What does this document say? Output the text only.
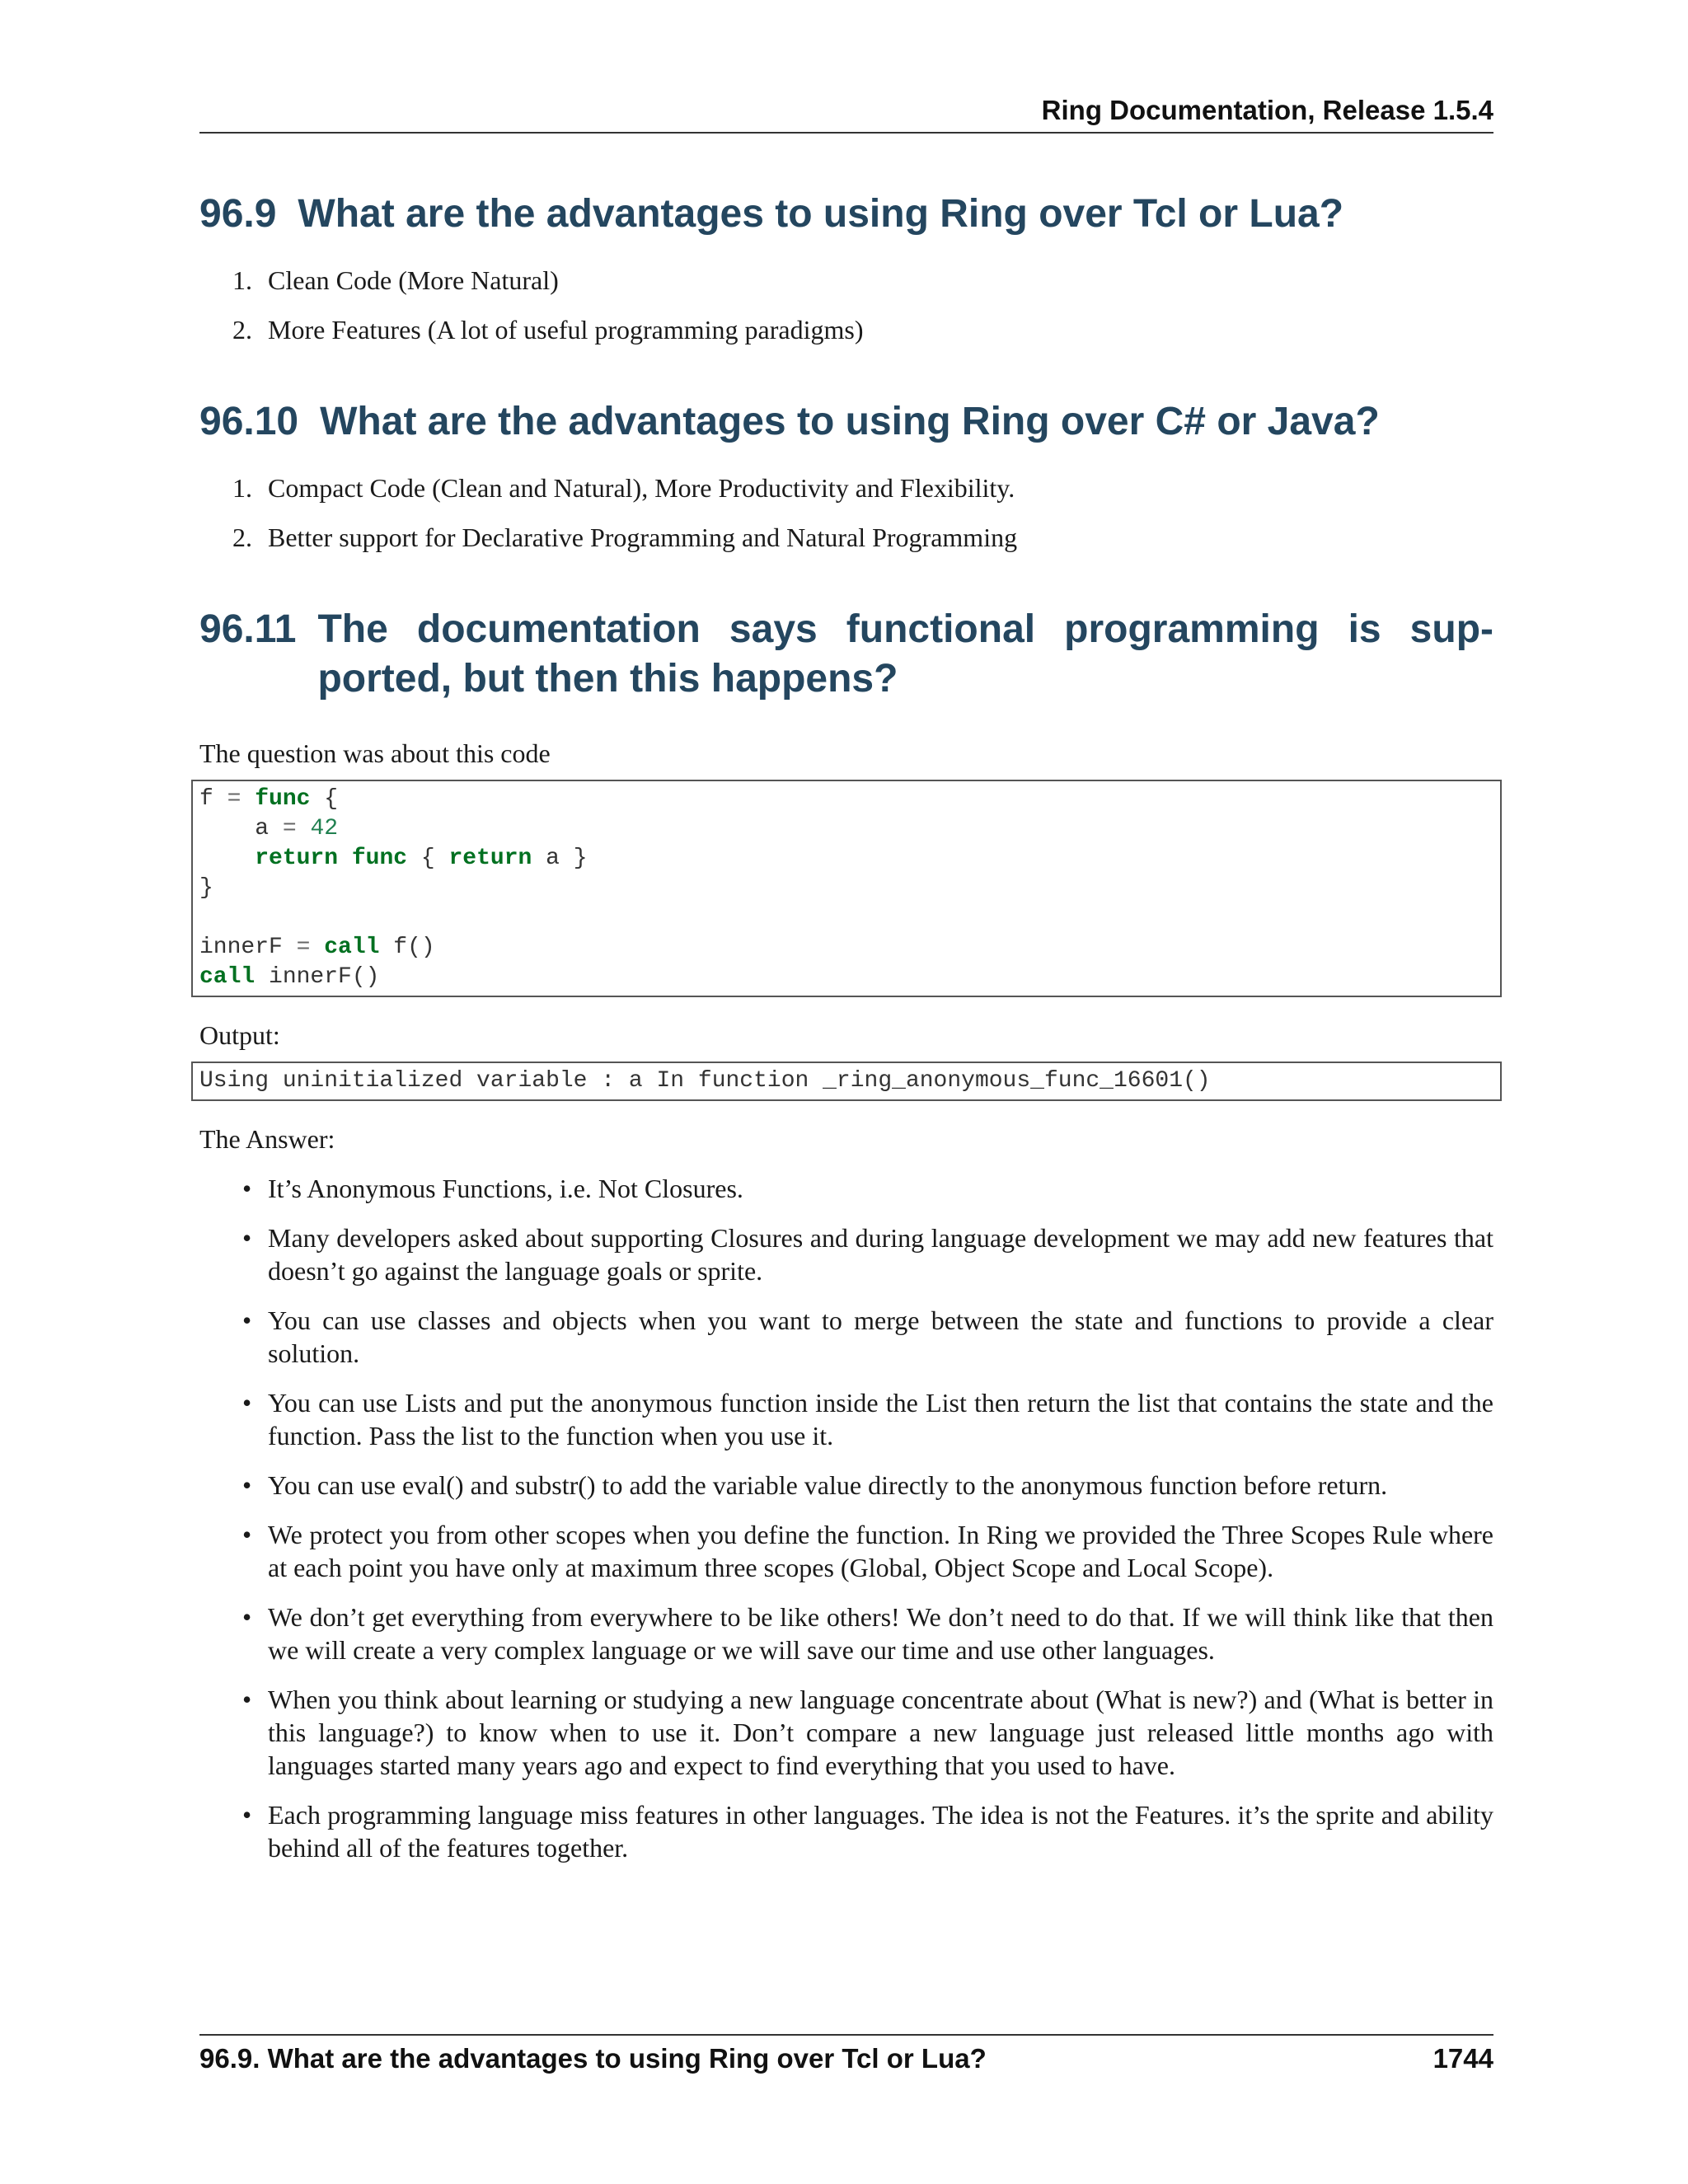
Ring Documentation, Release 1.5.4
96.9 What are the advantages to using Ring over Tcl or Lua?
1. Clean Code (More Natural)
2. More Features (A lot of useful programming paradigms)
96.10 What are the advantages to using Ring over C# or Java?
1. Compact Code (Clean and Natural), More Productivity and Flexibility.
2. Better support for Declarative Programming and Natural Programming
96.11 The documentation says functional programming is sup-
ported, but then this happens?

The question was about this code

f = func {
a = 42
return func { return a }
}
innerF = call f()
call innerF()

Output:

Using uninitialized variable : a In function _ring_anonymous_func_16601()

The Answer:

• It’s Anonymous Functions, i.e. Not Closures.
• Many developers asked about supporting Closures and during language development we may add new features that doesn’t go against the language goals or sprite.
• You can use classes and objects when you want to merge between the state and functions to provide a clear solution.
• You can use Lists and put the anonymous function inside the List then return the list that contains the state and the function. Pass the list to the function when you use it.
• You can use eval() and substr() to add the variable value directly to the anonymous function before return.
• We protect you from other scopes when you define the function. In Ring we provided the Three Scopes Rule where at each point you have only at maximum three scopes (Global, Object Scope and Local Scope).
• We don’t get everything from everywhere to be like others! We don’t need to do that. If we will think like that then we will create a very complex language or we will save our time and use other languages.
• When you think about learning or studying a new language concentrate about (What is new?) and (What is better in this language?) to know when to use it. Don’t compare a new language just released little months ago with languages started many years ago and expect to find everything that you used to have.
• Each programming language miss features in other languages. The idea is not the Features. it’s the sprite and ability behind all of the features together.
96.9. What are the advantages to using Ring over Tcl or Lua?	1744
